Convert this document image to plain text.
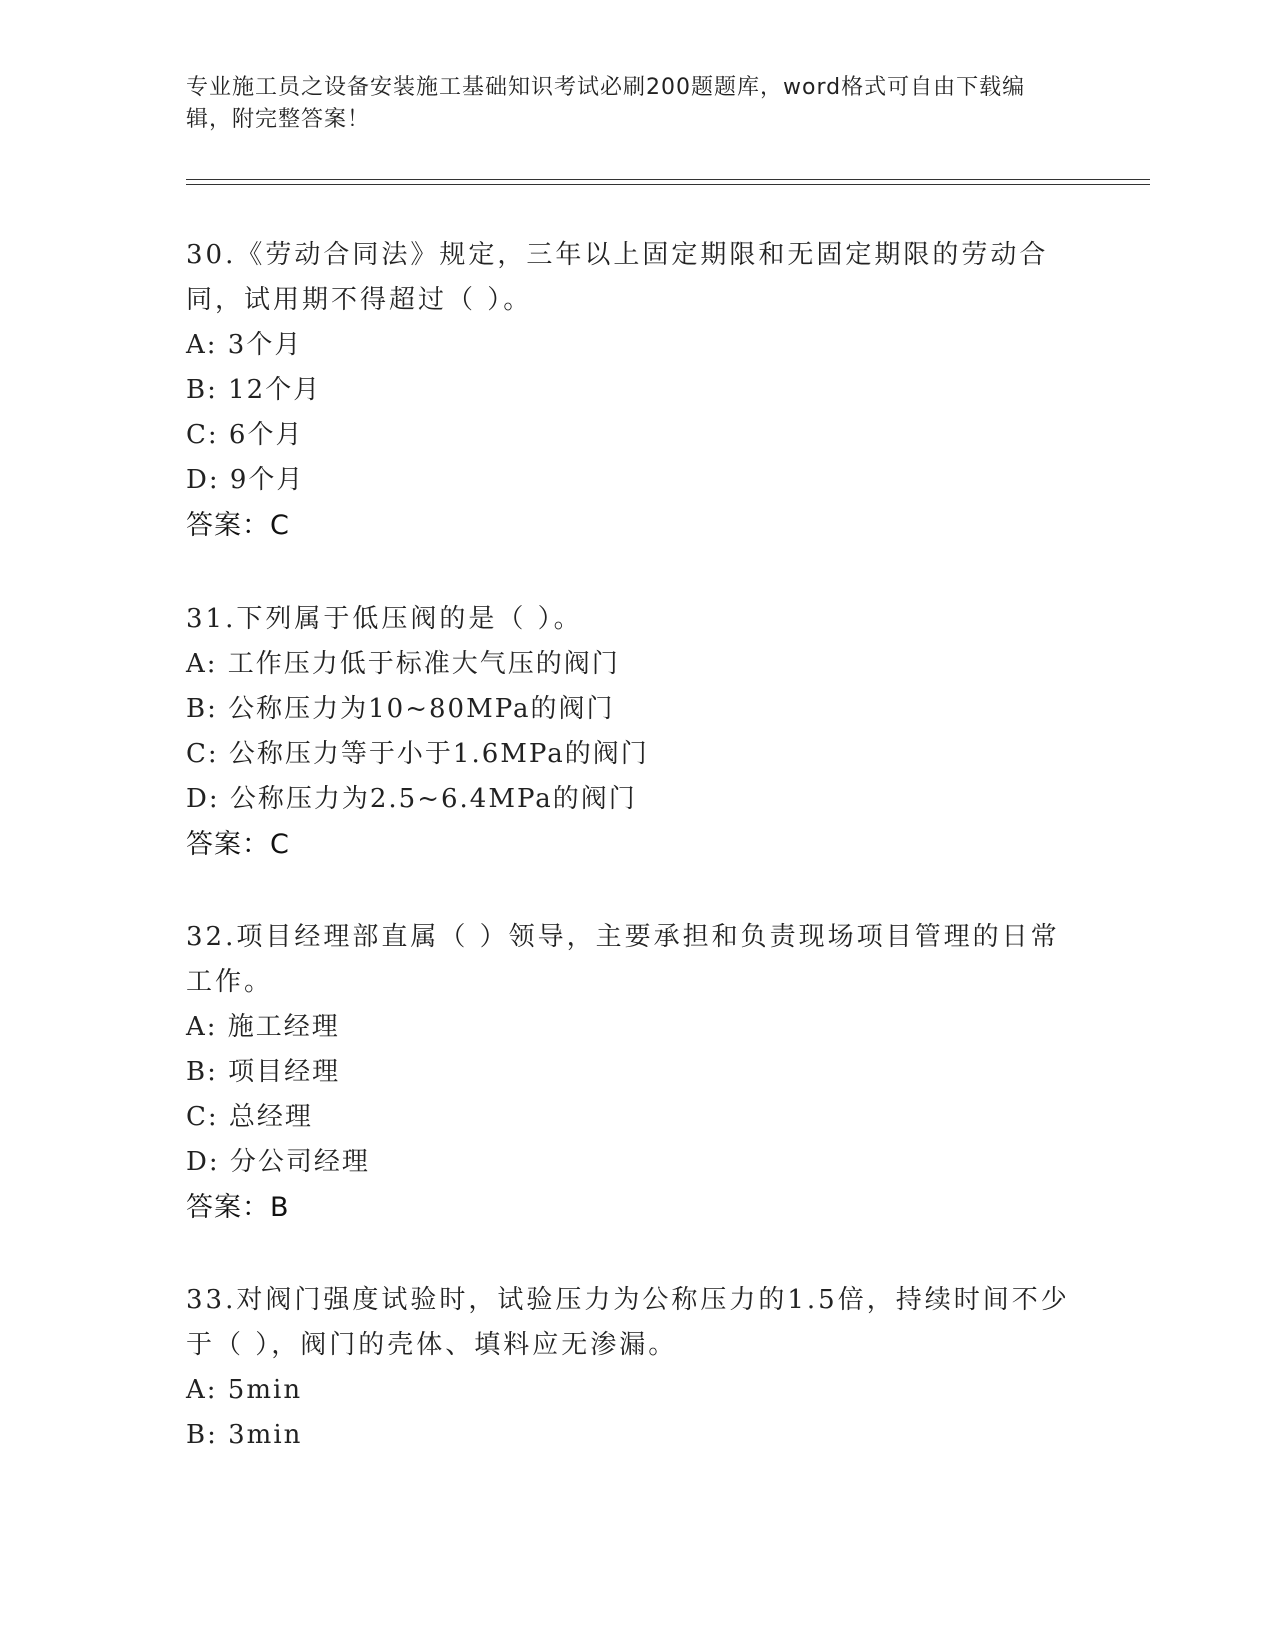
专业施工员之设备安装施工基础知识考试必刷200题题库，word格式可自由下载编辑，附完整答案！
30.《劳动合同法》规定，三年以上固定期限和无固定期限的劳动合同，试用期不得超过（ ）。
A: 3个月
B: 12个月
C: 6个月
D: 9个月
答案：C
31.下列属于低压阀的是（ ）。
A: 工作压力低于标准大气压的阀门
B: 公称压力为10~80MPa的阀门
C: 公称压力等于小于1.6MPa的阀门
D: 公称压力为2.5~6.4MPa的阀门
答案：C
32.项目经理部直属（ ）领导，主要承担和负责现场项目管理的日常工作。
A: 施工经理
B: 项目经理
C: 总经理
D: 分公司经理
答案：B
33.对阀门强度试验时，试验压力为公称压力的1.5倍，持续时间不少于（ ），阀门的壳体、填料应无渗漏。
A: 5min
B: 3min
